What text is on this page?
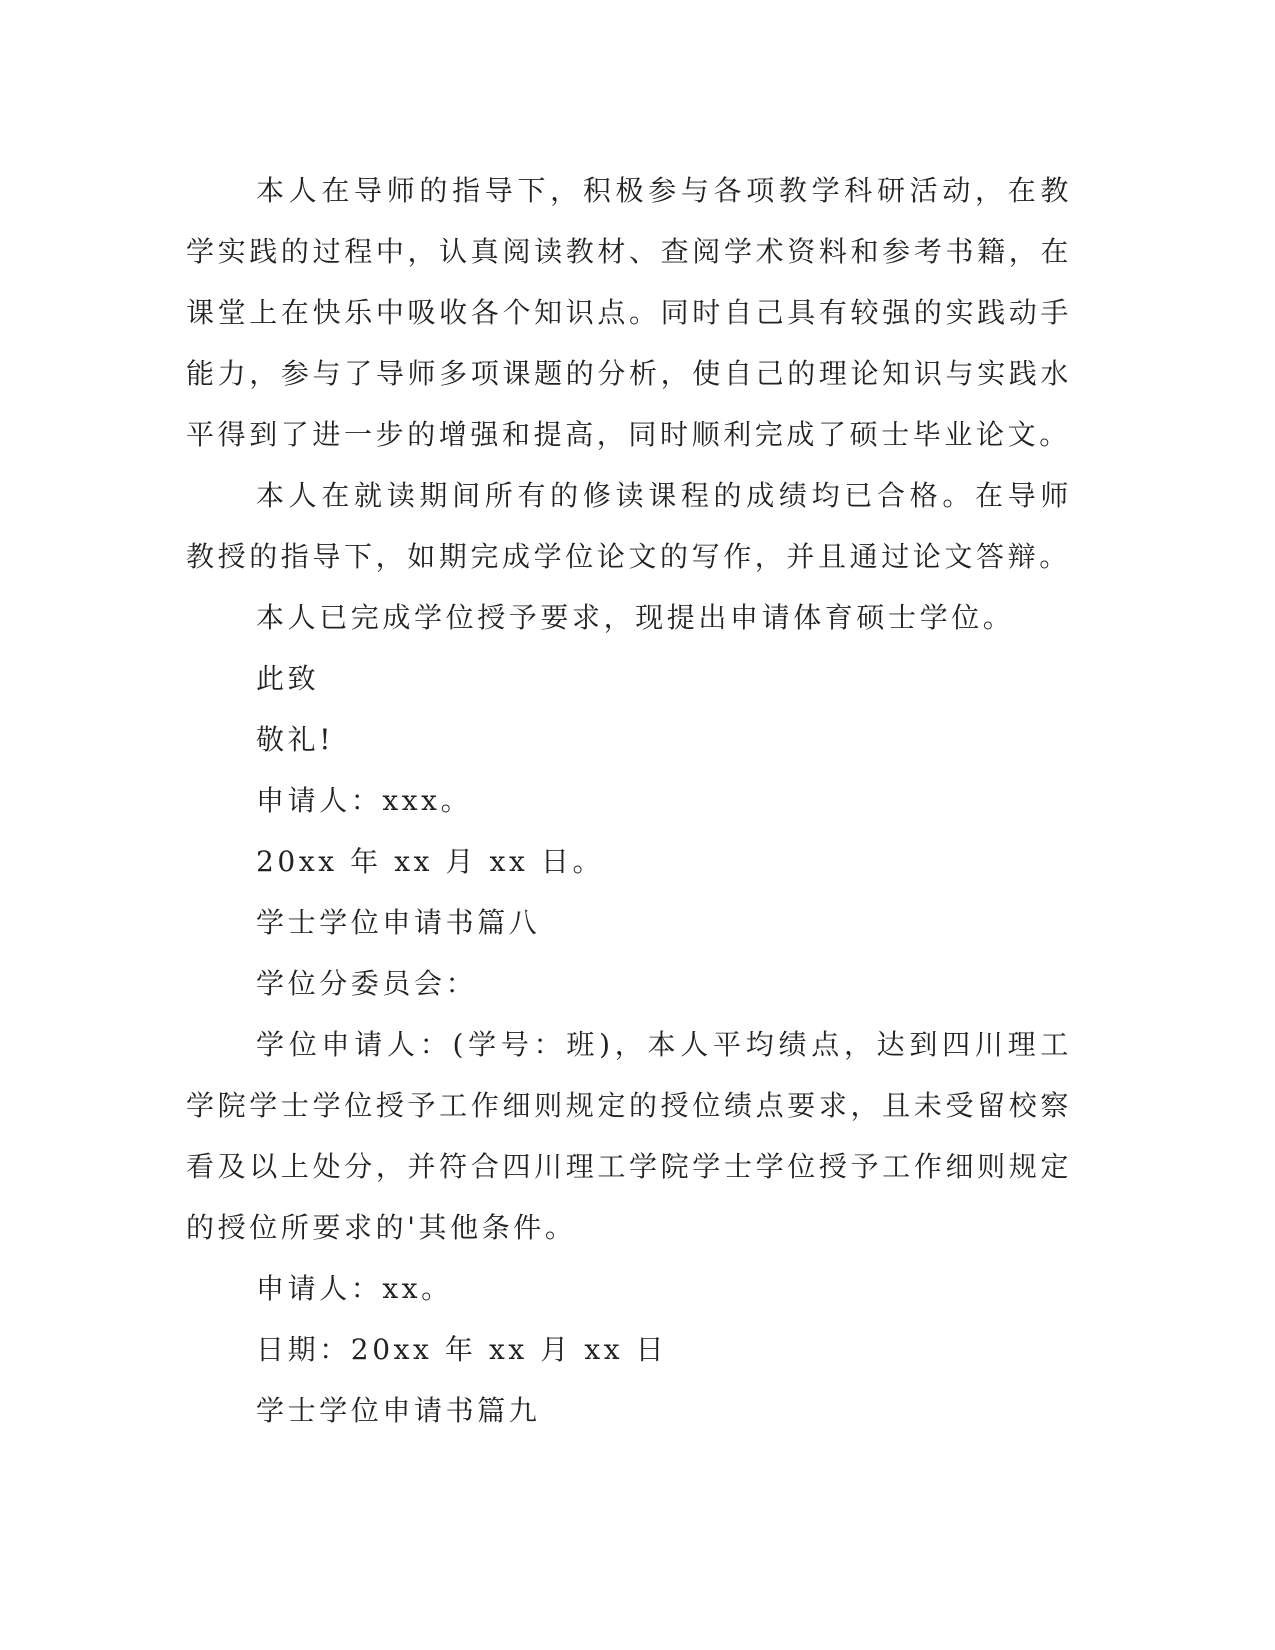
本人在导师的指导下，积极参与各项教学科研活动，在教学实践的过程中，认真阅读教材、查阅学术资料和参考书籍，在课堂上在快乐中吸收各个知识点。同时自己具有较强的实践动手能力，参与了导师多项课题的分析，使自己的理论知识与实践水平得到了进一步的增强和提高，同时顺利完成了硕士毕业论文。

本人在就读期间所有的修读课程的成绩均已合格。在导师教授的指导下，如期完成学位论文的写作，并且通过论文答辩。

本人已完成学位授予要求，现提出申请体育硕士学位。

此致

敬礼!

申请人：xxx。

20xx 年 xx 月 xx 日。

学士学位申请书篇八

学位分委员会：

学位申请人：(学号：班)，本人平均绩点，达到四川理工学院学士学位授予工作细则规定的授位绩点要求，且未受留校察看及以上处分，并符合四川理工学院学士学位授予工作细则规定的授位所要求的'其他条件。

申请人：xx。

日期：20xx 年 xx 月 xx 日

学士学位申请书篇九
